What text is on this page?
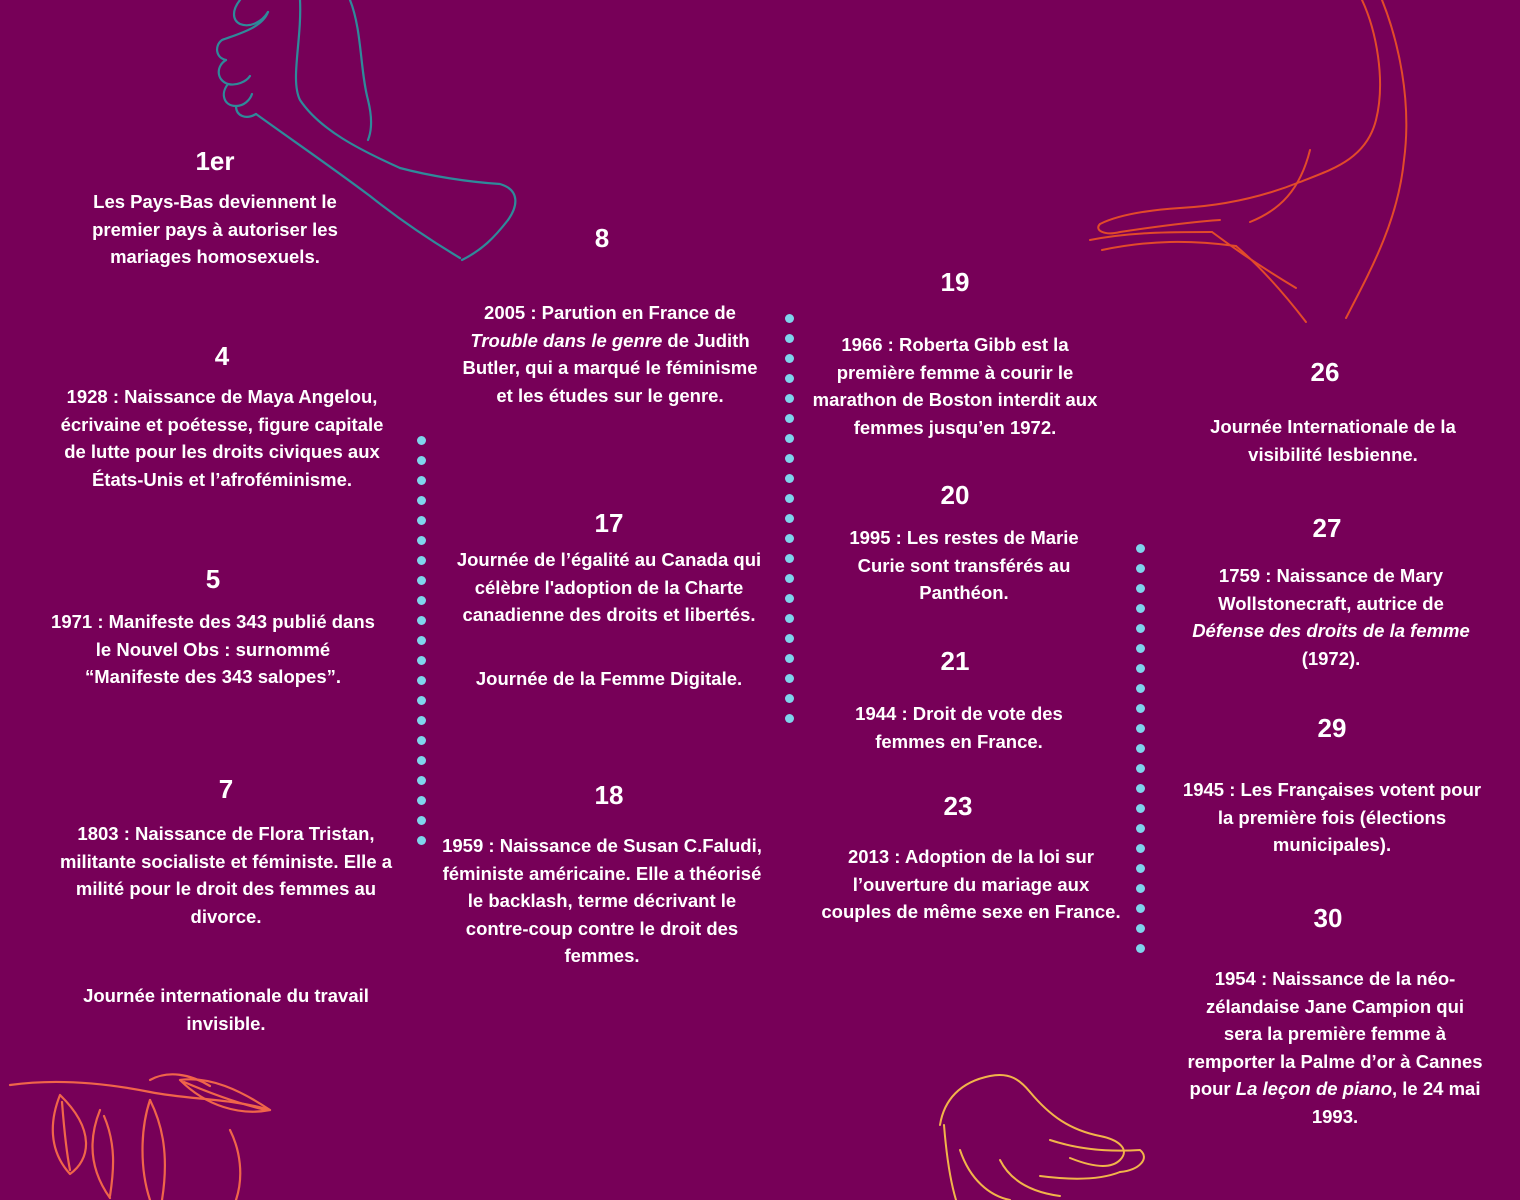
1er

Les Pays-Bas deviennent le premier pays à autoriser les mariages homosexuels.

4

1928 : Naissance de Maya Angelou, écrivaine et poétesse, figure capitale de lutte pour les droits civiques aux États-Unis et l’afroféminisme.

5

1971 : Manifeste des 343 publié dans le Nouvel Obs : surnommé “Manifeste des 343 salopes”.

7

1803 : Naissance de Flora Tristan, militante socialiste et féministe. Elle a milité pour le droit des femmes au divorce.

Journée internationale du travail invisible.

8

2005 : Parution en France de Trouble dans le genre de Judith Butler, qui a marqué le féminisme et les études sur le genre.

17

Journée de l’égalité au Canada qui célèbre l'adoption de la Charte canadienne des droits et libertés.

Journée de la Femme Digitale.

18

1959 : Naissance de Susan C.Faludi, féministe américaine. Elle a théorisé le backlash, terme décrivant le contre-coup contre le droit des femmes.

19

1966 : Roberta Gibb est la première femme à courir le marathon de Boston interdit aux femmes jusqu’en 1972.

20

1995 : Les restes de Marie Curie sont transférés au Panthéon.

21

1944 : Droit de vote des femmes en France.

23

2013 : Adoption de la loi sur l’ouverture du mariage aux couples de même sexe en France.

26

Journée Internationale de la visibilité lesbienne.

27

1759 : Naissance de Mary Wollstonecraft, autrice de Défense des droits de la femme (1972).

29

1945 : Les Françaises votent pour la première fois (élections municipales).

30

1954 : Naissance de la néo-zélandaise Jane Campion qui sera la première femme à remporter la Palme d’or à Cannes pour La leçon de piano, le 24 mai 1993.
